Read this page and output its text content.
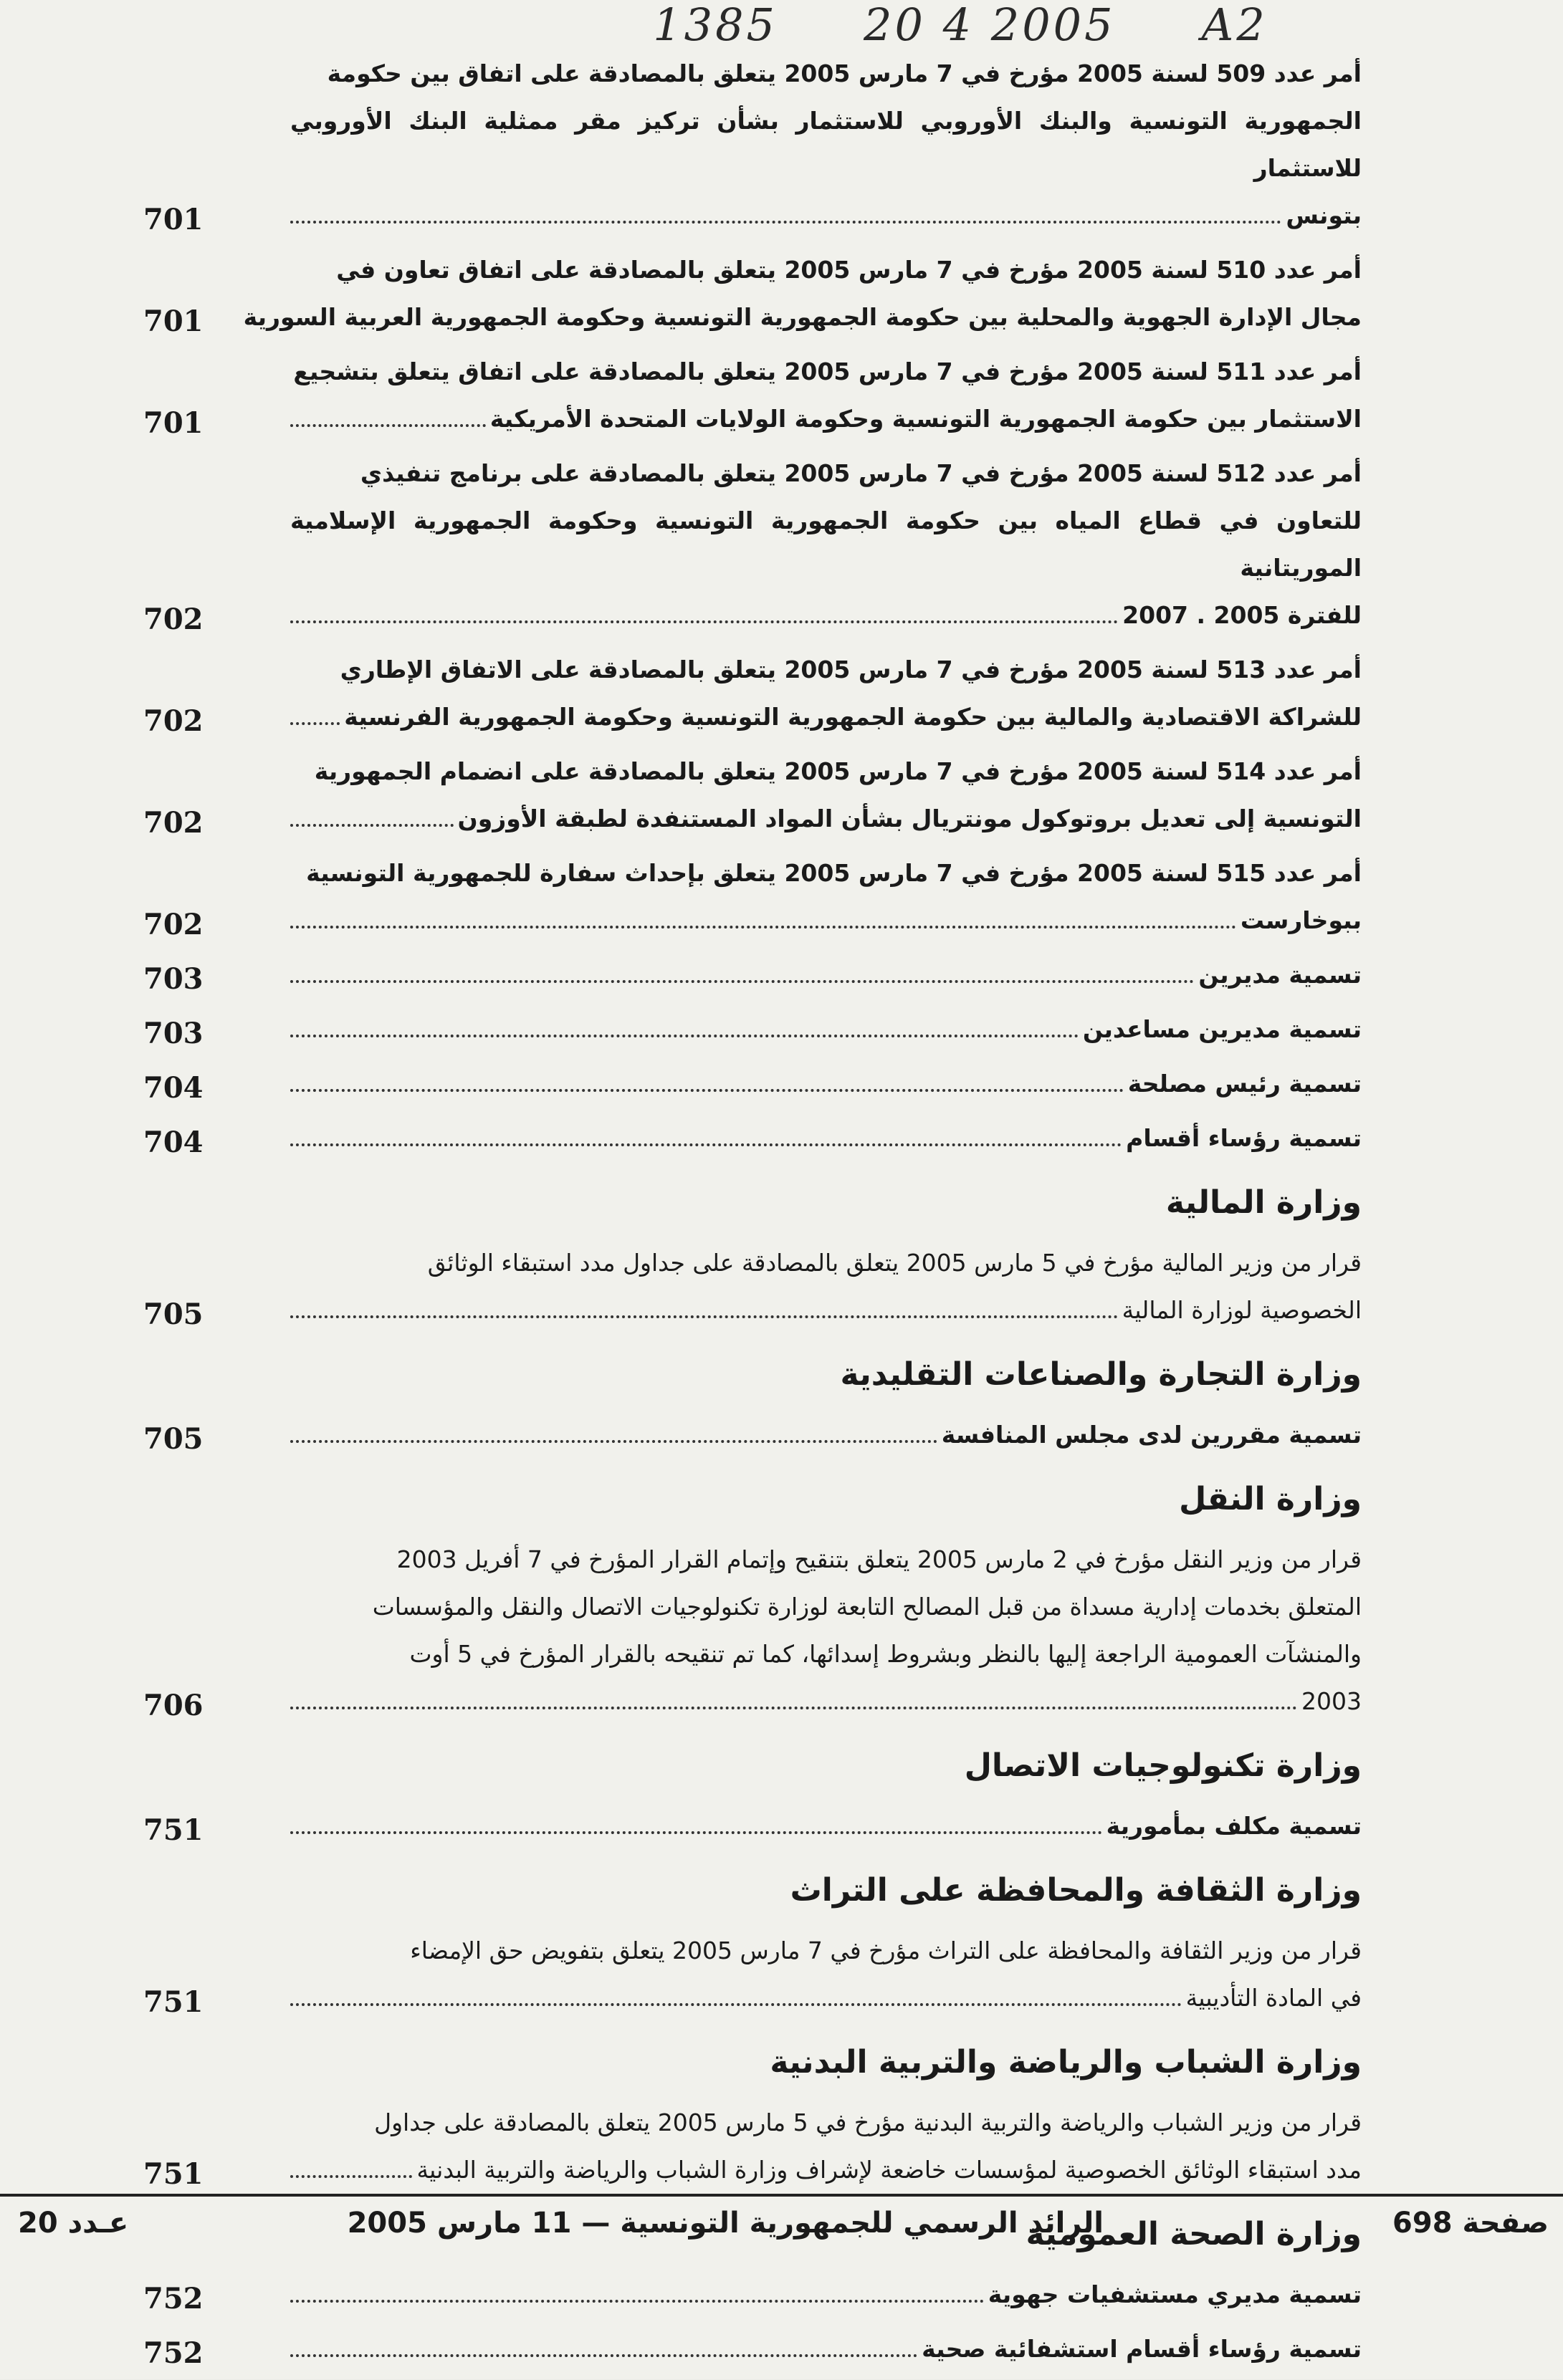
1385 20 4 2005 A2

أمر عدد 509 لسنة 2005 مؤرخ في 7 مارس 2005 يتعلق بالمصادقة على اتفاق بين حكومة

الجمهورية التونسية والبنك الأوروبي للاستثمار بشأن تركيز مقر ممثلية البنك الأوروبي للاستثمار

بتونس
701

أمر عدد 510 لسنة 2005 مؤرخ في 7 مارس 2005 يتعلق بالمصادقة على اتفاق تعاون في

مجال الإدارة الجهوية والمحلية بين حكومة الجمهورية التونسية وحكومة الجمهورية العربية السورية
701

أمر عدد 511 لسنة 2005 مؤرخ في 7 مارس 2005 يتعلق بالمصادقة على اتفاق يتعلق بتشجيع

الاستثمار بين حكومة الجمهورية التونسية وحكومة الولايات المتحدة الأمريكية
701

أمر عدد 512 لسنة 2005 مؤرخ في 7 مارس 2005 يتعلق بالمصادقة على برنامج تنفيذي

للتعاون في قطاع المياه بين حكومة الجمهورية التونسية وحكومة الجمهورية الإسلامية الموريتانية

للفترة 2005 . 2007
702

أمر عدد 513 لسنة 2005 مؤرخ في 7 مارس 2005 يتعلق بالمصادقة على الاتفاق الإطاري

للشراكة الاقتصادية والمالية بين حكومة الجمهورية التونسية وحكومة الجمهورية الفرنسية
702

أمر عدد 514 لسنة 2005 مؤرخ في 7 مارس 2005 يتعلق بالمصادقة على انضمام الجمهورية

التونسية إلى تعديل بروتوكول مونتريال بشأن المواد المستنفدة لطبقة الأوزون
702

أمر عدد 515 لسنة 2005 مؤرخ في 7 مارس 2005 يتعلق بإحداث سفارة للجمهورية التونسية

ببوخارست
702
تسمية مديرين
703
تسمية مديرين مساعدين
703
تسمية رئيس مصلحة
704
تسمية رؤساء أقسام
704
وزارة المالية

قرار من وزير المالية مؤرخ في 5 مارس 2005 يتعلق بالمصادقة على جداول مدد استبقاء الوثائق

الخصوصية لوزارة المالية
705
وزارة التجارة والصناعات التقليدية
تسمية مقررين لدى مجلس المنافسة
705
وزارة النقل

قرار من وزير النقل مؤرخ في 2 مارس 2005 يتعلق بتنقيح وإتمام القرار المؤرخ في 7 أفريل 2003

المتعلق بخدمات إدارية مسداة من قبل المصالح التابعة لوزارة تكنولوجيات الاتصال والنقل والمؤسسات

والمنشآت العمومية الراجعة إليها بالنظر وبشروط إسدائها، كما تم تنقيحه بالقرار المؤرخ في 5 أوت

2003
706
وزارة تكنولوجيات الاتصال
تسمية مكلف بمأمورية
751
وزارة الثقافة والمحافظة على التراث

قرار من وزير الثقافة والمحافظة على التراث مؤرخ في 7 مارس 2005 يتعلق بتفويض حق الإمضاء

في المادة التأديبية
751
وزارة الشباب والرياضة والتربية البدنية

قرار من وزير الشباب والرياضة والتربية البدنية مؤرخ في 5 مارس 2005 يتعلق بالمصادقة على جداول

مدد استبقاء الوثائق الخصوصية لمؤسسات خاضعة لإشراف وزارة الشباب والرياضة والتربية البدنية
751
وزارة الصحة العمومية
تسمية مديري مستشفيات جهوية
752
تسمية رؤساء أقسام استشفائية صحية
752
صفحة 698
الرائد الرسمي للجمهورية التونسية — 11 مارس 2005
عـدد 20
